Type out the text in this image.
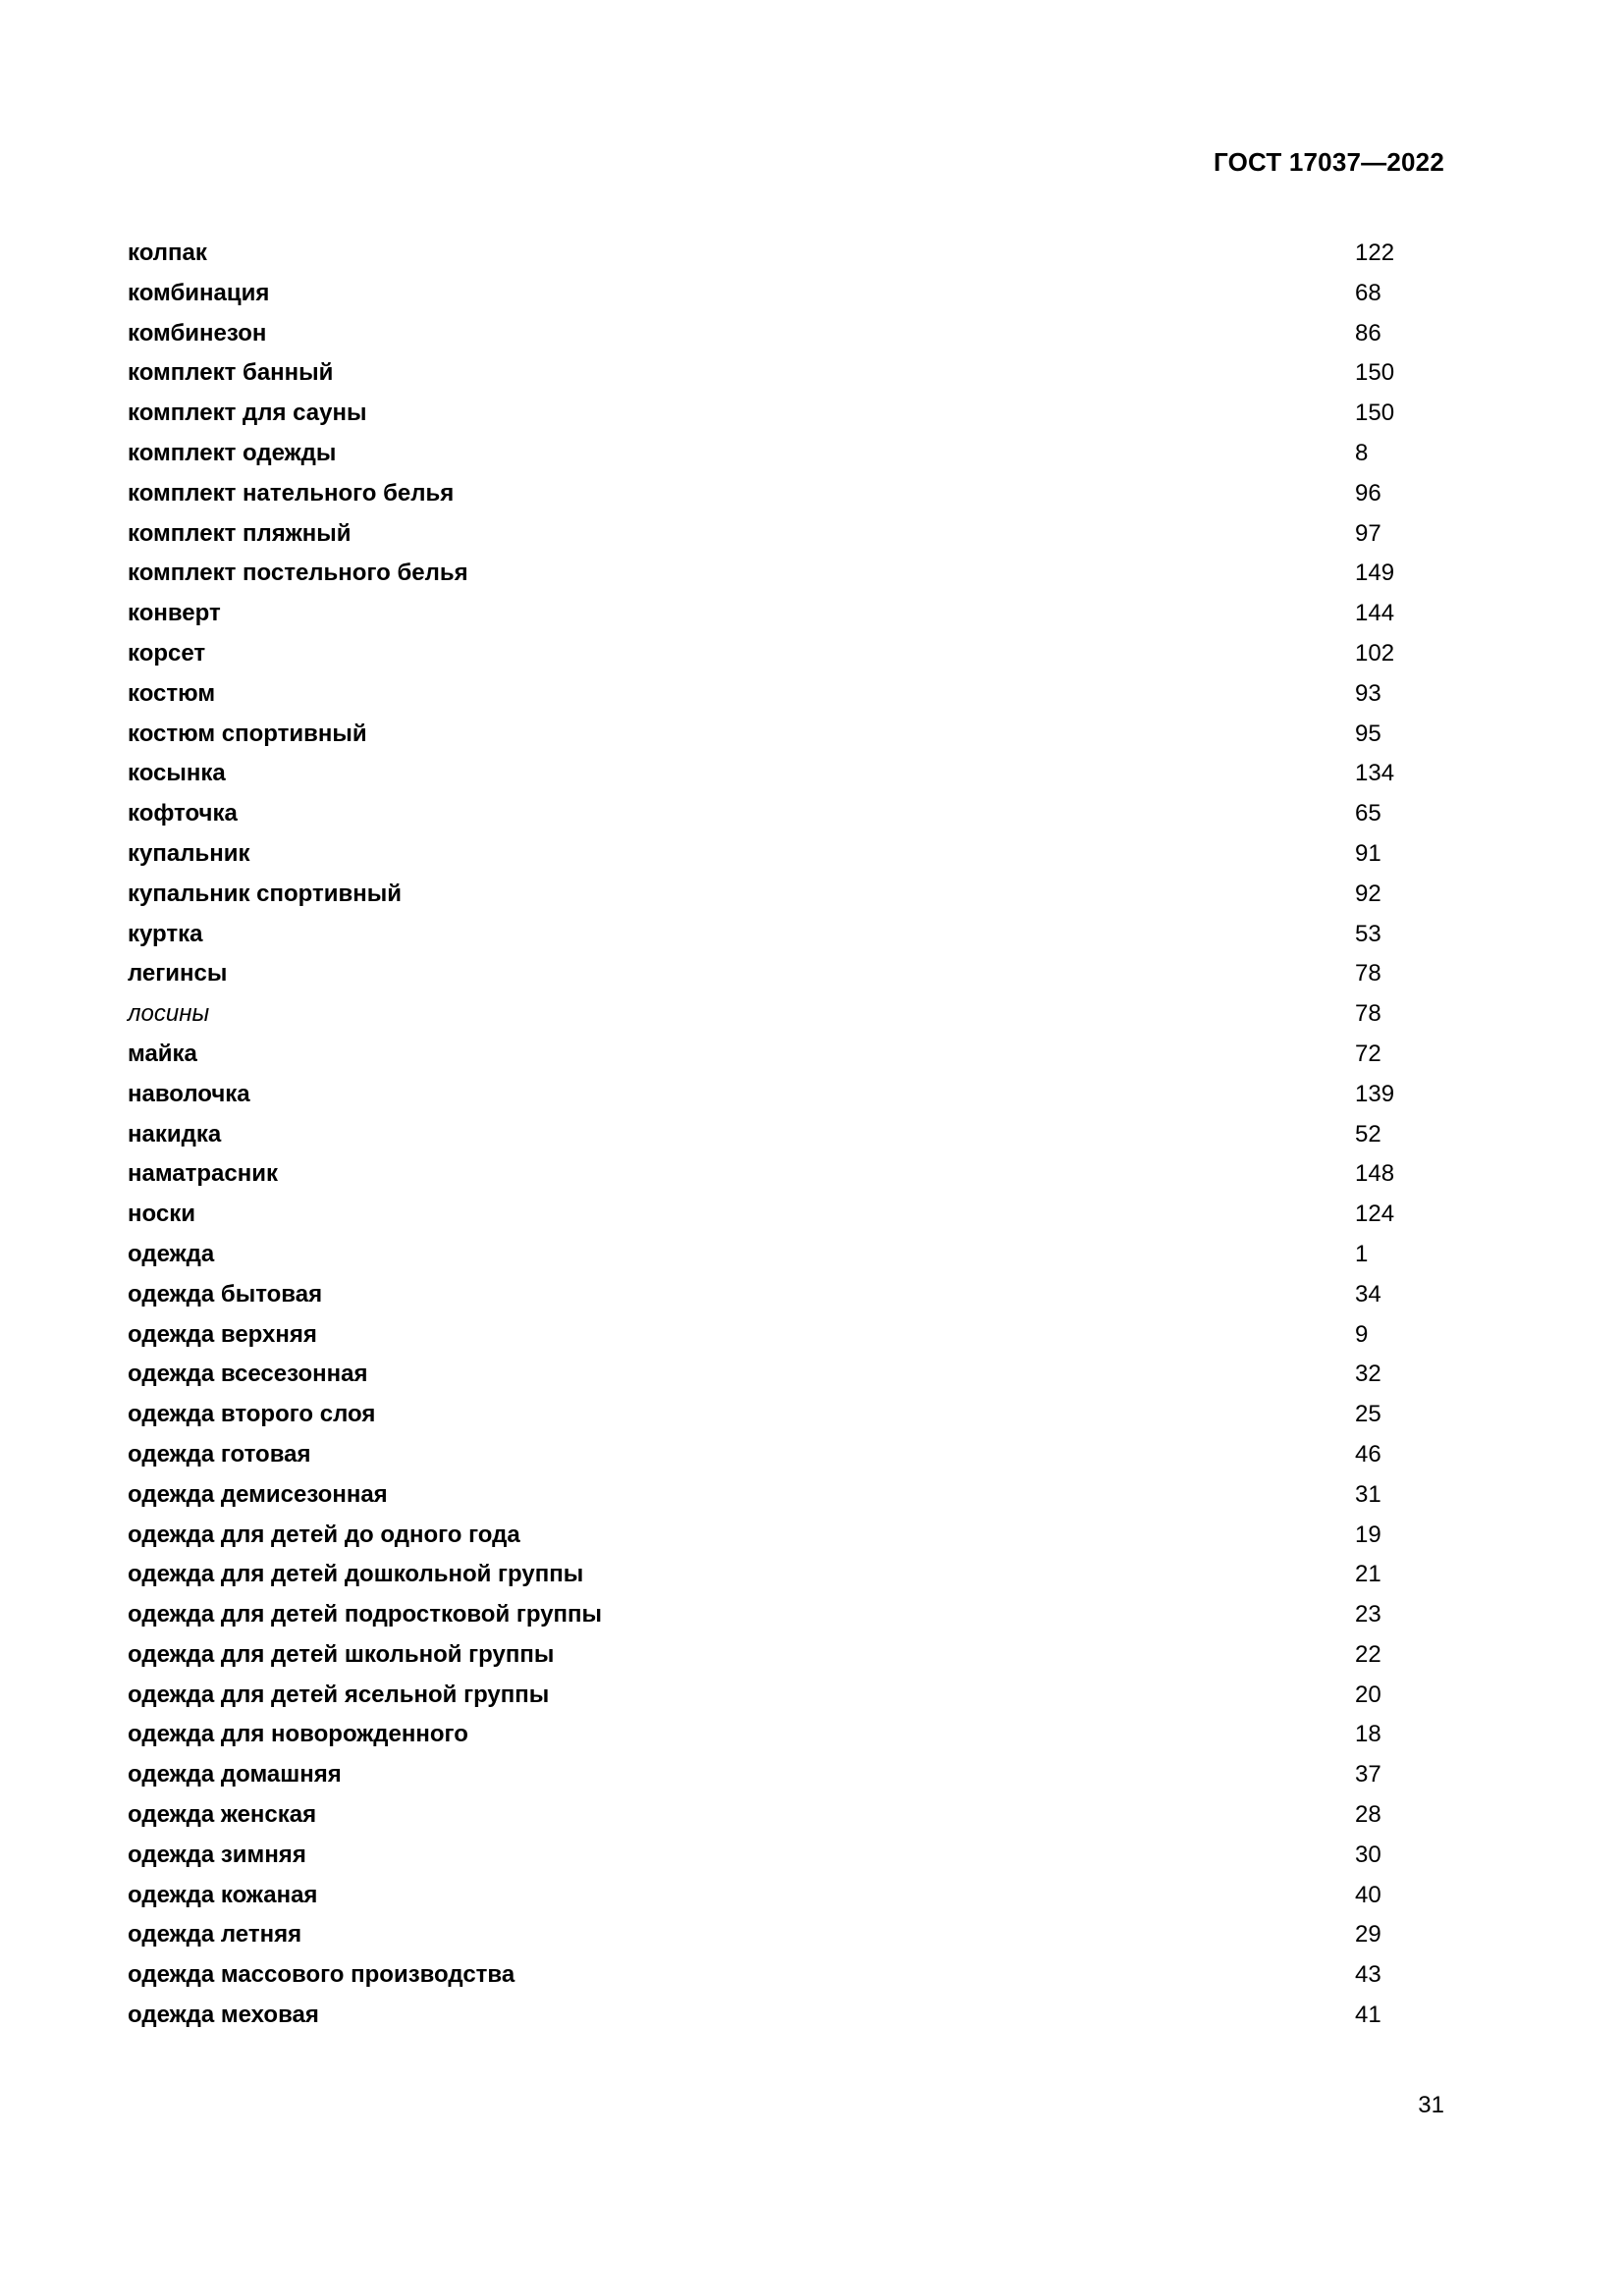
ГОСТ 17037—2022
колпак	122
комбинация	68
комбинезон	86
комплект банный	150
комплект для сауны	150
комплект одежды	8
комплект нательного белья	96
комплект пляжный	97
комплект постельного белья	149
конверт	144
корсет	102
костюм	93
костюм спортивный	95
косынка	134
кофточка	65
купальник	91
купальник спортивный	92
куртка	53
легинсы	78
лосины	78
майка	72
наволочка	139
накидка	52
наматрасник	148
носки	124
одежда	1
одежда бытовая	34
одежда верхняя	9
одежда всесезонная	32
одежда второго слоя	25
одежда готовая	46
одежда демисезонная	31
одежда для детей до одного года	19
одежда для детей дошкольной группы	21
одежда для детей подростковой группы	23
одежда для детей школьной группы	22
одежда для детей ясельной группы	20
одежда для новорожденного	18
одежда домашняя	37
одежда женская	28
одежда зимняя	30
одежда кожаная	40
одежда летняя	29
одежда массового производства	43
одежда меховая	41
31
